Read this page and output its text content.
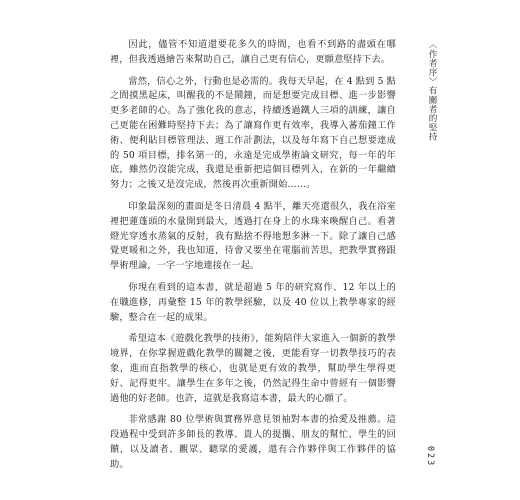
因此，儘管不知道還要花多久的時間，也看不到路的盡頭在哪裡，但我透過繪告來幫助自己，讓自己更有信心，更願意堅持下去。

當然，信心之外，行動也是必需的。我每天早起，在 4 點到 5 點之間摸黑起床，叫醒我的不是鬧鐘，而是想要完成目標、進一步影響更多老師的心。為了強化我的意志，持續透過鐵人三項的訓練，讓自己更能在困難時堅持下去；為了讓寫作更有效率，我導入蕃茄鐘工作術、便利貼目標管理法、週工作計劃法，以及每年寫下自己想要達成的 50 項目標，排名第一的，永遠是完成學術論文研究，每一年的年底，雖然仍沒能完成，我還是重新把這個目標列入，在新的一年繼續努力；之後又是沒完成，然後再次重新開始……。

印象最深刻的畫面是冬日清晨 4 點半，離天亮還很久，我在浴室裡把蓮蓬頭的水量開到最大，透過打在身上的水珠來喚醒自己。看著燈光穿透水蒸氣的反射，我有點捨不得地想多淋一下。除了讓自己感覺更暖和之外，我也知道，待會又要坐在電腦前苦思，把教學實務跟學術理論，一字一字地連接在一起。

你現在看到的這本書，就是超過 5 年的研究寫作、12 年以上的在職進修，再彙整 15 年的教學經驗，以及 40 位以上教學專家的經驗，整合在一起的成果。

希望這本《遊戲化教學的技術》，能夠陪伴大家進入一個新的教學境界，在你掌握遊戲化教學的關鍵之後，更能看穿一切教學技巧的表象，進而直指教學的核心，也就是更有效的教學，幫助學生學得更好、記得更牢。讓學生在多年之後，仍然記得生命中曾經有一個影響過他的好老師。也許，這就是我寫這本書，最大的心願了。

非常感謝 80 位學術與實務界意見領袖對本書的拾愛及推薦。這段過程中受到許多師長的教導、貴人的提攜、朋友的幫忙、學生的回饋，以及讀者、觀眾、聽眾的愛護，還有合作夥伴與工作夥伴的協助。

〈作者序〉有關者的堅持
023
